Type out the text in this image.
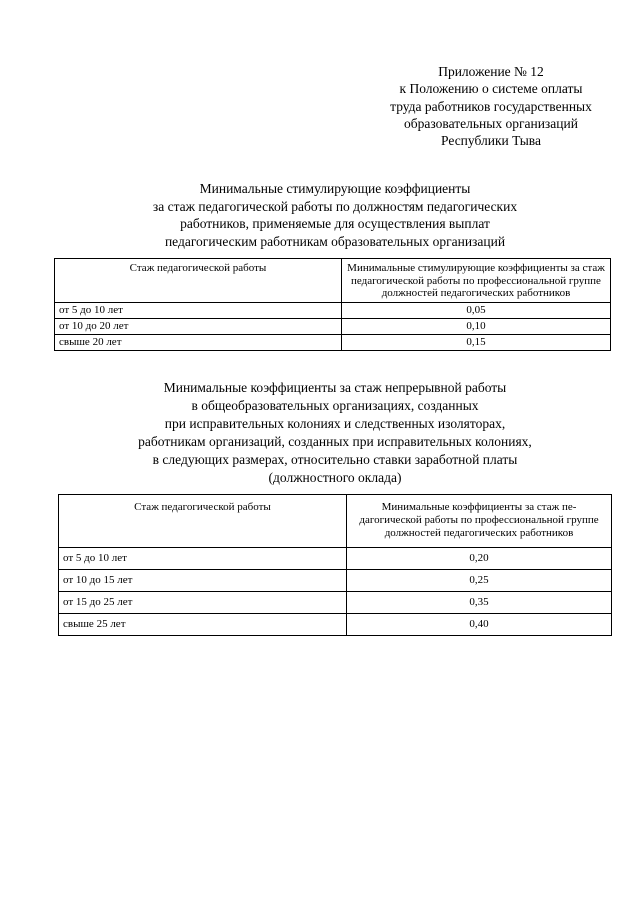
Приложение № 12
к Положению о системе оплаты
труда работников государственных
образовательных организаций
Республики Тыва
Минимальные стимулирующие коэффициенты
за стаж педагогической работы по должностям педагогических
работников, применяемые для осуществления выплат
педагогическим работникам образовательных организаций
Стаж педагогической работы	Минимальные стимулирующие коэффициенты за стаж педагогической работы по профессиональной группе должностей педагогических работников
от 5 до 10 лет	0,05
от 10 до 20 лет	0,10
свыше 20 лет	0,15
Минимальные коэффициенты за стаж непрерывной работы
в общеобразовательных организациях, созданных
при исправительных колониях и следственных изоляторах,
работникам организаций, созданных при исправительных колониях,
в следующих размерах, относительно ставки заработной платы
(должностного оклада)
Стаж педагогической работы	Минимальные коэффициенты за стаж пе-дагогической работы по профессиональной группе должностей педагогических работников
от 5 до 10 лет	0,20
от 10 до 15 лет	0,25
от 15 до 25 лет	0,35
свыше 25 лет	0,40
